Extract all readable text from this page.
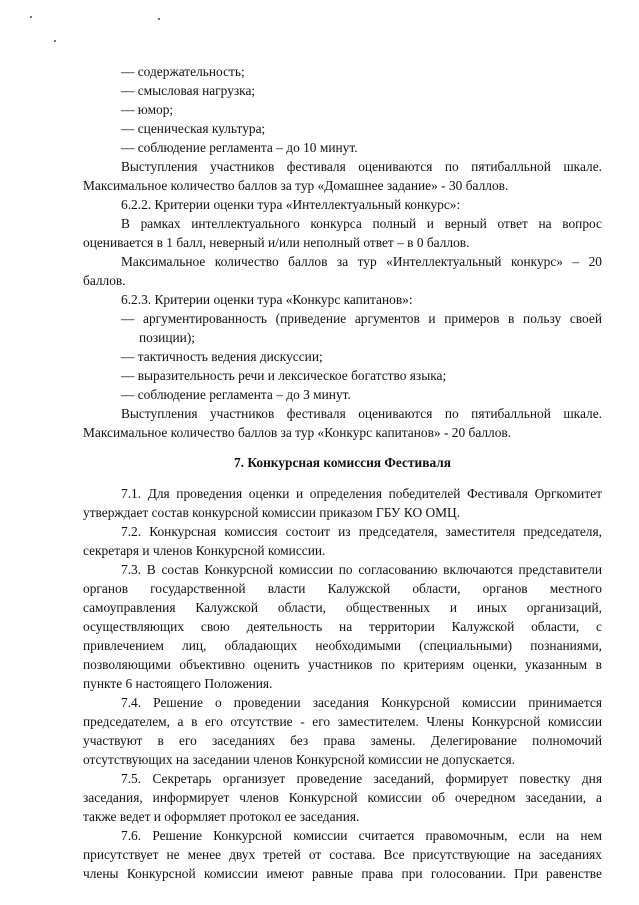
— содержательность;
— смысловая нагрузка;
— юмор;
— сценическая культура;
— соблюдение регламента – до 10 минут.
Выступления участников фестиваля оцениваются по пятибалльной шкале.
Максимальное количество баллов за тур «Домашнее задание» - 30 баллов.
6.2.2. Критерии оценки тура «Интеллектуальный конкурс»:
В рамках интеллектуального конкурса полный и верный ответ на вопрос
оценивается в 1 балл, неверный и/или неполный ответ – в 0 баллов.
Максимальное количество баллов за тур «Интеллектуальный конкурс» – 20
баллов.
6.2.3. Критерии оценки тура «Конкурс капитанов»:
— аргументированность (приведение аргументов и примеров в пользу своей
позиции);
— тактичность ведения дискуссии;
— выразительность речи и лексическое богатство языка;
— соблюдение регламента – до 3 минут.
Выступления участников фестиваля оцениваются по пятибалльной шкале.
Максимальное количество баллов за тур «Конкурс капитанов» - 20 баллов.
7. Конкурсная комиссия Фестиваля
7.1. Для проведения оценки и определения победителей Фестиваля Оргкомитет
утверждает состав конкурсной комиссии приказом ГБУ КО ОМЦ.
7.2. Конкурсная комиссия состоит из председателя, заместителя председателя,
секретаря и членов Конкурсной комиссии.
7.3. В состав Конкурсной комиссии по согласованию включаются представители
органов государственной власти Калужской области, органов местного
самоуправления Калужской области, общественных и иных организаций,
осуществляющих свою деятельность на территории Калужской области, с
привлечением лиц, обладающих необходимыми (специальными) познаниями,
позволяющими объективно оценить участников по критериям оценки, указанным в
пункте 6 настоящего Положения.
7.4. Решение о проведении заседания Конкурсной комиссии принимается
председателем, а в его отсутствие - его заместителем. Члены Конкурсной комиссии
участвуют в его заседаниях без права замены. Делегирование полномочий
отсутствующих на заседании членов Конкурсной комиссии не допускается.
7.5. Секретарь организует проведение заседаний, формирует повестку дня
заседания, информирует членов Конкурсной комиссии об очередном заседании, а
также ведет и оформляет протокол ее заседания.
7.6. Решение Конкурсной комиссии считается правомочным, если на нем
присутствует не менее двух третей от состава. Все присутствующие на заседаниях
члены Конкурсной комиссии имеют равные права при голосовании. При равенстве
